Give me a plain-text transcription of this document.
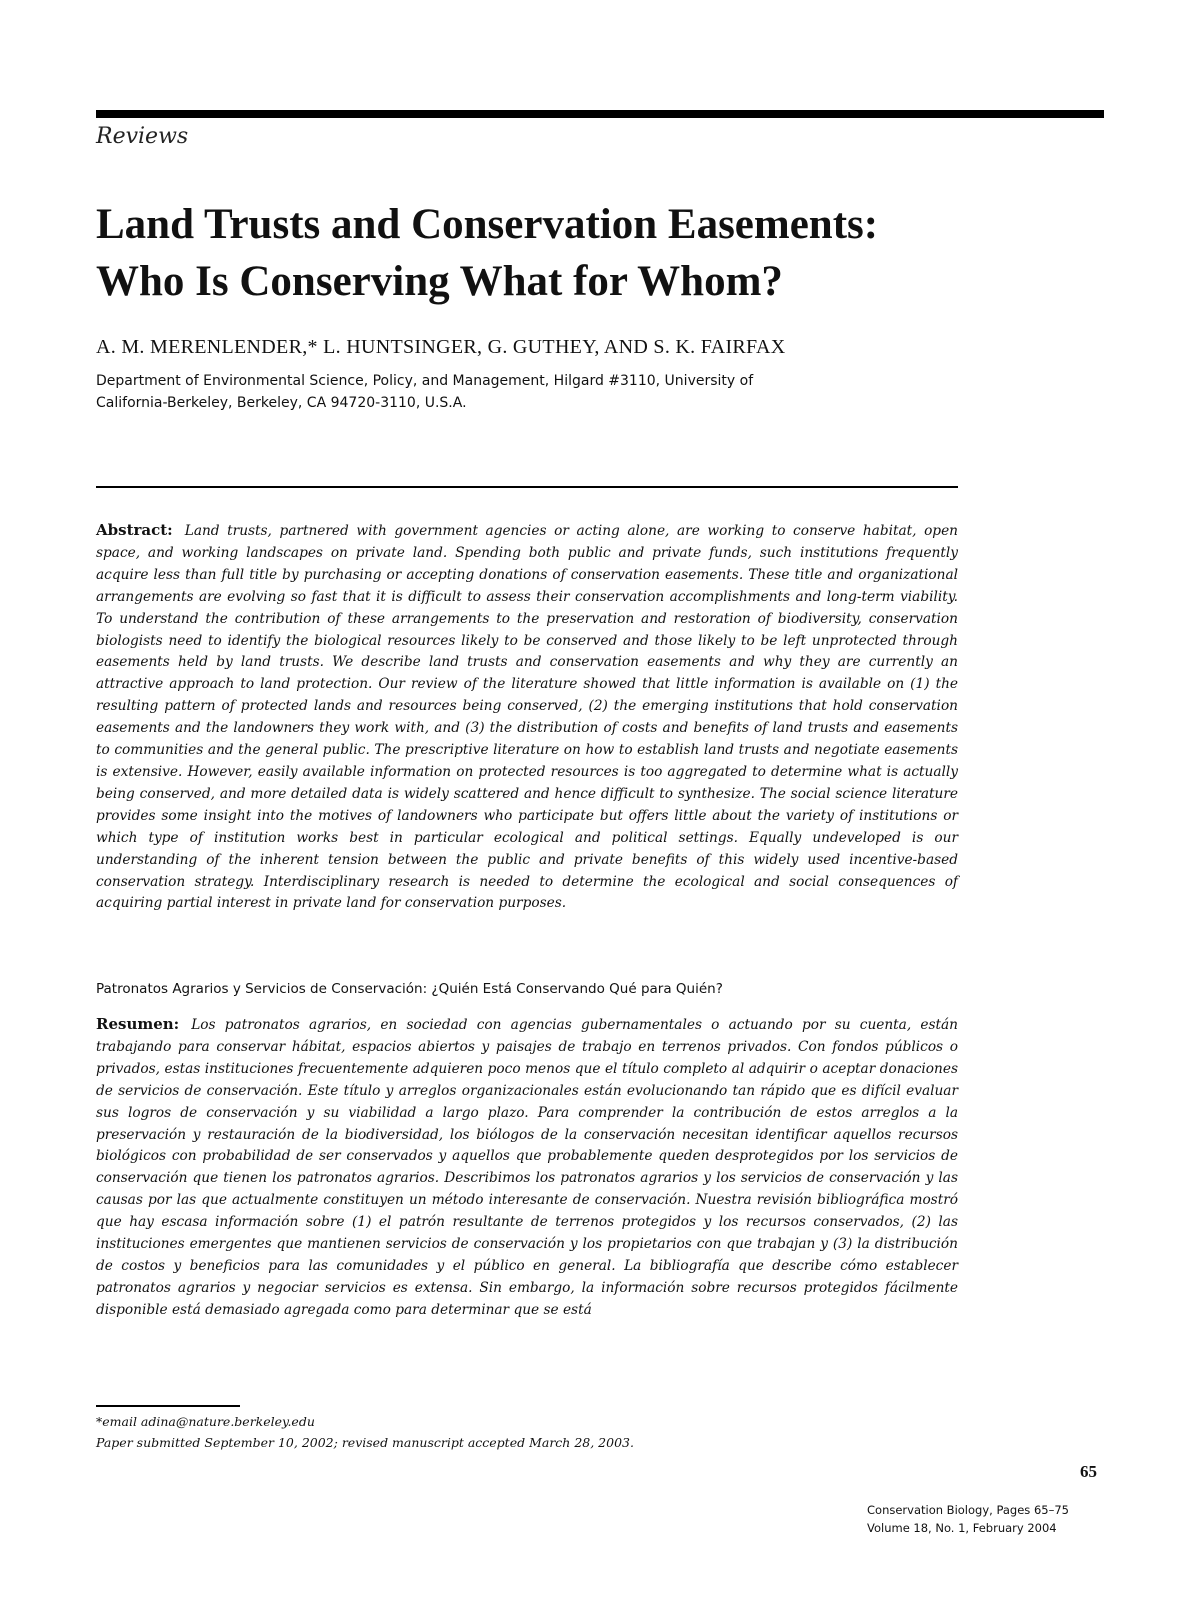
Reviews
Land Trusts and Conservation Easements:
Who Is Conserving What for Whom?
A. M. MERENLENDER,* L. HUNTSINGER, G. GUTHEY, AND S. K. FAIRFAX
Department of Environmental Science, Policy, and Management, Hilgard #3110, University of
California-Berkeley, Berkeley, CA 94720-3110, U.S.A.

Abstract: Land trusts, partnered with government agencies or acting alone, are working to conserve habitat, open space, and working landscapes on private land. Spending both public and private funds, such institutions frequently acquire less than full title by purchasing or accepting donations of conservation easements. These title and organizational arrangements are evolving so fast that it is difficult to assess their conservation accomplishments and long-term viability. To understand the contribution of these arrangements to the preservation and restoration of biodiversity, conservation biologists need to identify the biological resources likely to be conserved and those likely to be left unprotected through easements held by land trusts. We describe land trusts and conservation easements and why they are currently an attractive approach to land protection. Our review of the literature showed that little information is available on (1) the resulting pattern of protected lands and resources being conserved, (2) the emerging institutions that hold conservation easements and the landowners they work with, and (3) the distribution of costs and benefits of land trusts and easements to communities and the general public. The prescriptive literature on how to establish land trusts and negotiate easements is extensive. However, easily available information on protected resources is too aggregated to determine what is actually being conserved, and more detailed data is widely scattered and hence difficult to synthesize. The social science literature provides some insight into the motives of landowners who participate but offers little about the variety of institutions or which type of institution works best in particular ecological and political settings. Equally undeveloped is our understanding of the inherent tension between the public and private benefits of this widely used incentive-based conservation strategy. Interdisciplinary research is needed to determine the ecological and social consequences of acquiring partial interest in private land for conservation purposes.

Patronatos Agrarios y Servicios de Conservación: ¿Quién Está Conservando Qué para Quién?

Resumen: Los patronatos agrarios, en sociedad con agencias gubernamentales o actuando por su cuenta, están trabajando para conservar hábitat, espacios abiertos y paisajes de trabajo en terrenos privados. Con fondos públicos o privados, estas instituciones frecuentemente adquieren poco menos que el título completo al adquirir o aceptar donaciones de servicios de conservación. Este título y arreglos organizacionales están evolucionando tan rápido que es difícil evaluar sus logros de conservación y su viabilidad a largo plazo. Para comprender la contribución de estos arreglos a la preservación y restauración de la biodiversidad, los biólogos de la conservación necesitan identificar aquellos recursos biológicos con probabilidad de ser conservados y aquellos que probablemente queden desprotegidos por los servicios de conservación que tienen los patronatos agrarios. Describimos los patronatos agrarios y los servicios de conservación y las causas por las que actualmente constituyen un método interesante de conservación. Nuestra revisión bibliográfica mostró que hay escasa información sobre (1) el patrón resultante de terrenos protegidos y los recursos conservados, (2) las instituciones emergentes que mantienen servicios de conservación y los propietarios con que trabajan y (3) la distribución de costos y beneficios para las comunidades y el público en general. La bibliografía que describe cómo establecer patronatos agrarios y negociar servicios es extensa. Sin embargo, la información sobre recursos protegidos fácilmente disponible está demasiado agregada como para determinar que se está

*email adina@nature.berkeley.edu
Paper submitted September 10, 2002; revised manuscript accepted March 28, 2003.
65
Conservation Biology, Pages 65–75
Volume 18, No. 1, February 2004
